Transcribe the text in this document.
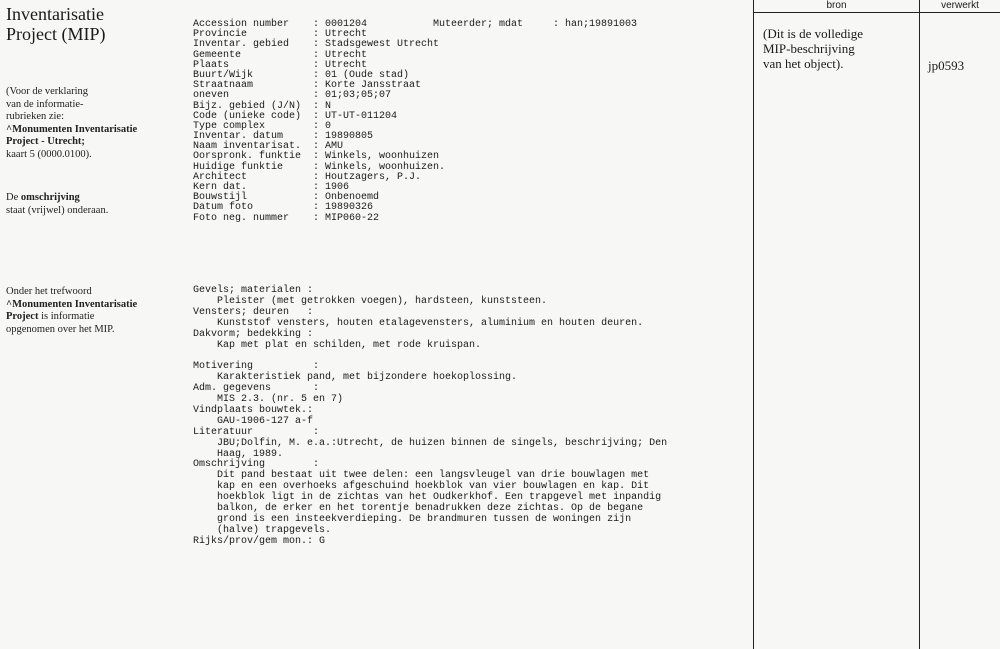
Inventarisatie
Project (MIP)
(Voor de verklaring
van de informatie-
rubrieken zie:
^Monumenten Inventarisatie
Project - Utrecht;
kaart 5 (0000.0100).
De omschrijving
staat (vrijwel) onderaan.
Onder het trefwoord
^Monumenten Inventarisatie
Project is informatie
opgenomen over het MIP.
Muteerder; mdat     : han;19891003
Accession number : 0001204
Provincie	: Utrecht
Inventar. gebied : Stadsgewest Utrecht
Gemeente	: Utrecht
Plaats	: Utrecht
Buurt/Wijk	: 01 (Oude stad)
Straatnaam	: Korte Jansstraat
oneven	: 01;03;05;07
Bijz. gebied (J/N) : N
Code (unieke code) : UT-UT-011204
Type complex	: 0
Inventar. datum	: 19890805
Naam inventarisat. : AMU
Oorspronk. funktie : Winkels, woonhuizen
Huidige funktie	: Winkels, woonhuizen.
Architect	: Houtzagers, P.J.
Kern dat.	: 1906
Bouwstijl	: Onbenoemd
Datum foto	: 19890326
Foto neg. nummer : MIP060-22
Gevels; materialen :
Pleister (met getrokken voegen), hardsteen, kunststeen.
Vensters; deuren   :
Kunststof vensters, houten etalagevensters, aluminium en houten deuren.
Dakvorm; bedekking :
Kap met plat en schilden, met rode kruispan.
Motivering          :
Karakteristiek pand, met bijzondere hoekoplossing.
Adm. gegevens       :
MIS 2.3. (nr. 5 en 7)
Vindplaats bouwtek.:
GAU-1906-127 a-f
Literatuur          :
JBU;Dolfin, M. e.a.:Utrecht, de huizen binnen de singels, beschrijving; Den
Haag, 1989.
Omschrijving        :
Dit pand bestaat uit twee delen: een langsvleugel van drie bouwlagen met
kap en een overhoeks afgeschuind hoekblok van vier bouwlagen en kap. Dit
hoekblok ligt in de zichtas van het Oudkerkhof. Een trapgevel met inpandig
balkon, de erker en het torentje benadrukken deze zichtas. Op de begane
grond is een insteekverdieping. De brandmuren tussen de woningen zijn
(halve) trapgevels.
Rijks/prov/gem mon.: G
bron	verwerkt
(Dit is de volledige
MIP-beschrijving
van het object).	jp0593
